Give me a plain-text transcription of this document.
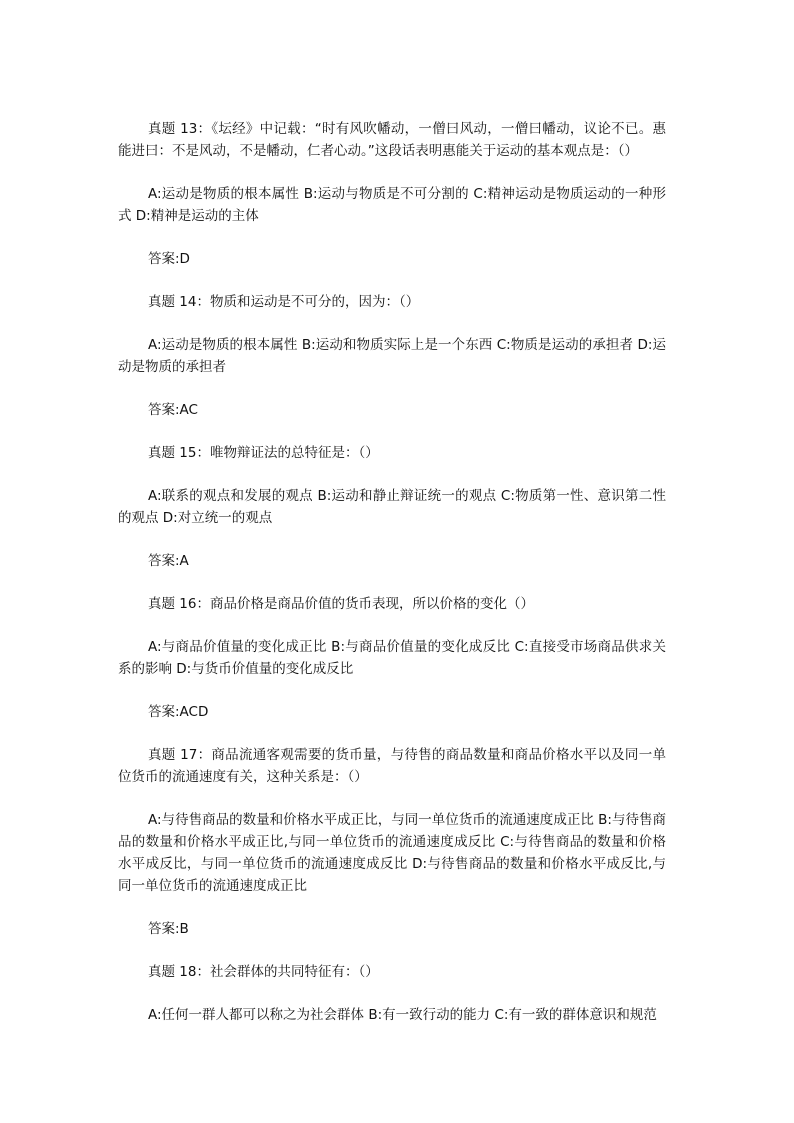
真题 13：《坛经》中记载：“时有风吹幡动，一僧曰风动，一僧曰幡动，议论不已。惠能进曰：不是风动，不是幡动，仁者心动。”这段话表明惠能关于运动的基本观点是：（）

A:运动是物质的根本属性 B:运动与物质是不可分割的 C:精神运动是物质运动的一种形式 D:精神是运动的主体

答案:D

真题 14：物质和运动是不可分的，因为：（）

A:运动是物质的根本属性 B:运动和物质实际上是一个东西 C:物质是运动的承担者 D:运动是物质的承担者

答案:AC

真题 15：唯物辩证法的总特征是：（）

A:联系的观点和发展的观点 B:运动和静止辩证统一的观点 C:物质第一性、意识第二性的观点 D:对立统一的观点

答案:A

真题 16：商品价格是商品价值的货币表现，所以价格的变化（）

A:与商品价值量的变化成正比 B:与商品价值量的变化成反比 C:直接受市场商品供求关系的影响 D:与货币价值量的变化成反比

答案:ACD

真题 17：商品流通客观需要的货币量，与待售的商品数量和商品价格水平以及同一单位货币的流通速度有关，这种关系是：（）

A:与待售商品的数量和价格水平成正比，与同一单位货币的流通速度成正比 B:与待售商品的数量和价格水平成正比,与同一单位货币的流通速度成反比 C:与待售商品的数量和价格水平成反比，与同一单位货币的流通速度成反比 D:与待售商品的数量和价格水平成反比,与同一单位货币的流通速度成正比

答案:B

真题 18：社会群体的共同特征有：（）

A:任何一群人都可以称之为社会群体 B:有一致行动的能力 C:有一致的群体意识和规范
